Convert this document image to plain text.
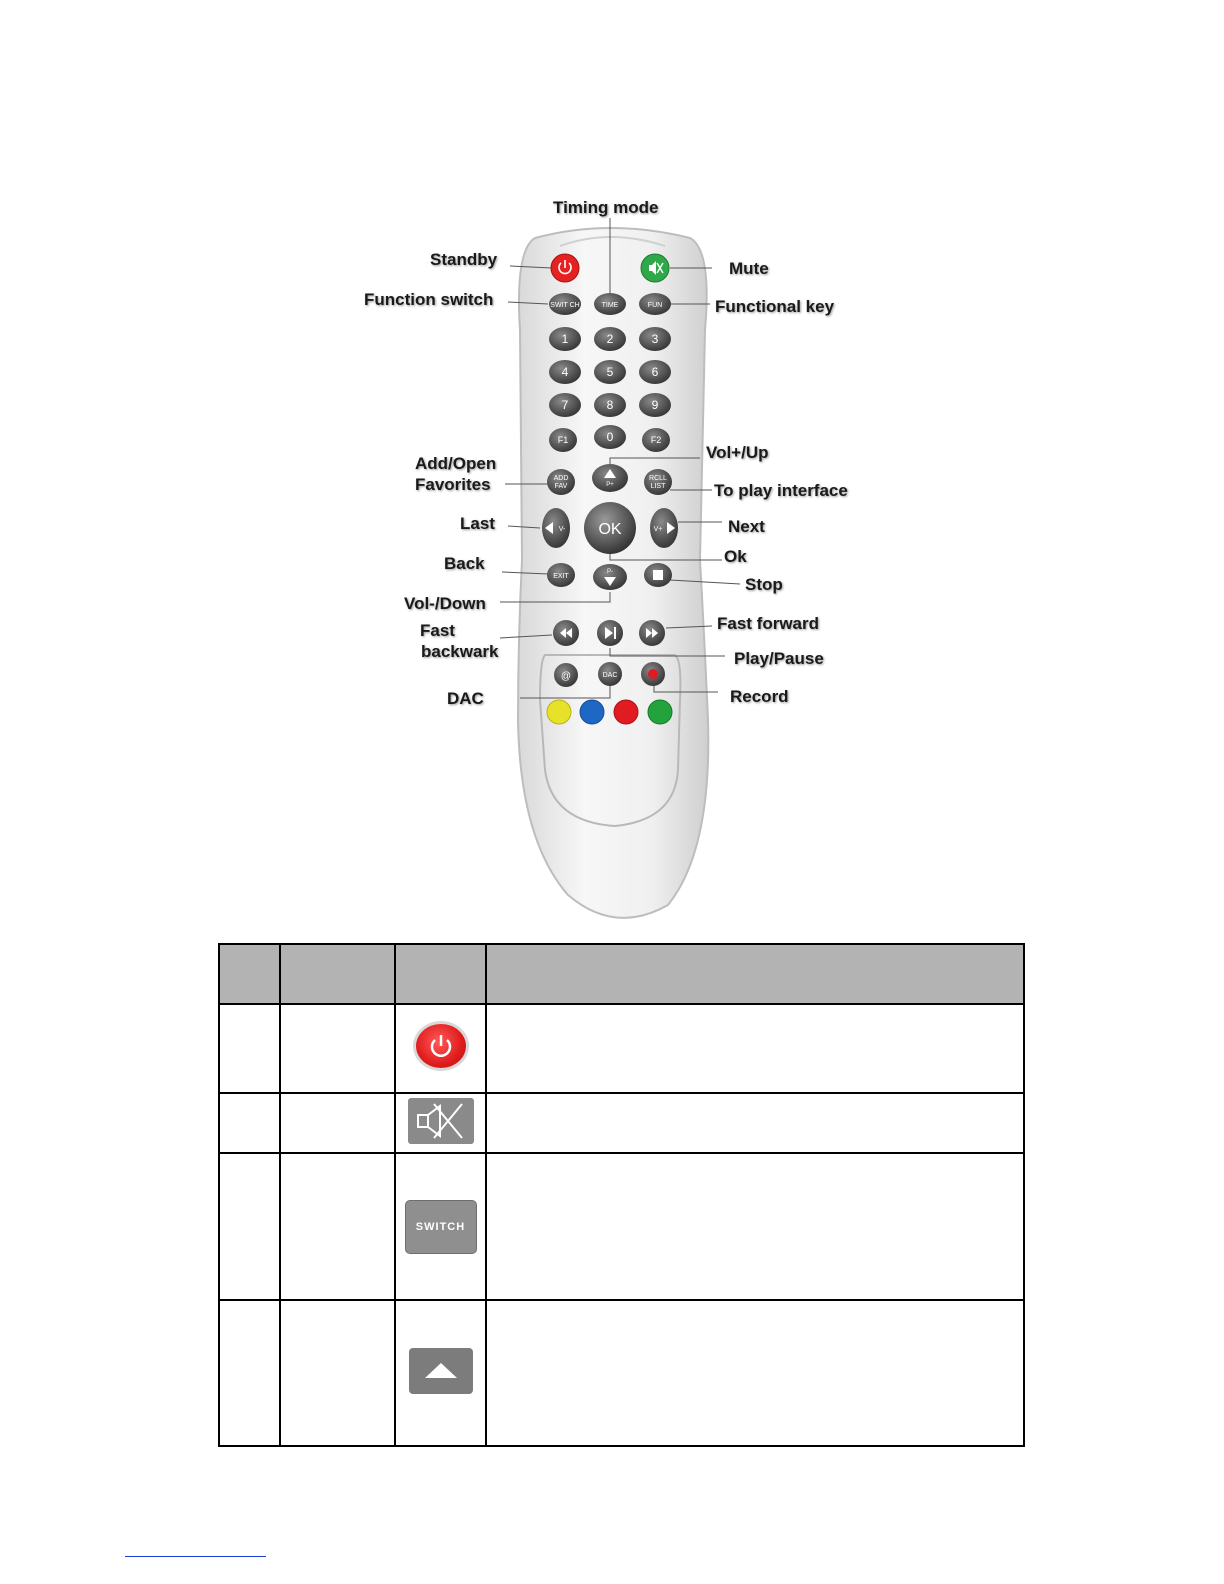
SWIT CH	TIME	FUN
1	2	3
4	5	6
7	8	9
F1	0	F2
ADD
FAV	P+
RCLL
LIST
V- OK	V+
EXIT
P-
@	DAC
Timing mode
Standby	Mute
Function switch	Functional key
Vol+/Up
Add/Open
Favorites	To play interface
Last	Next
Ok
Back
Stop
Vol-/Down
Fast forward
Fast
backwark	Play/Pause
DAC	Record

		SWITCH	
